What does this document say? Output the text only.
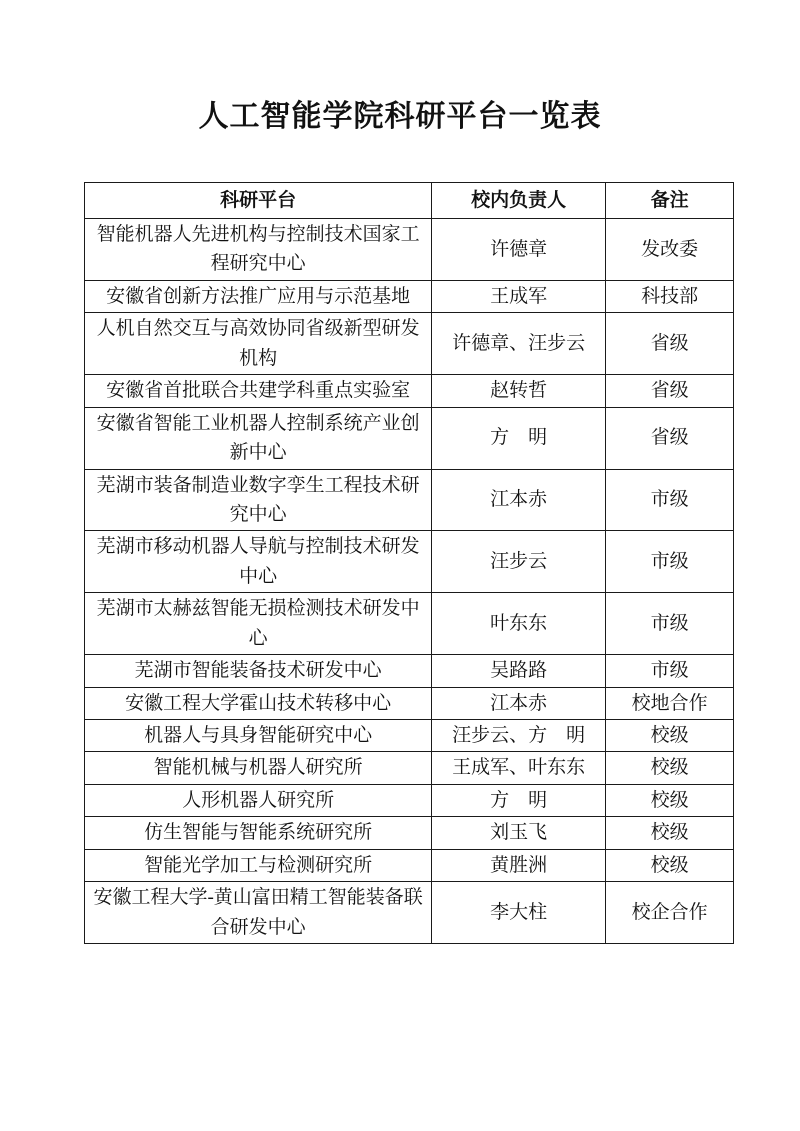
人工智能学院科研平台一览表
科研平台	校内负责人	备注
智能机器人先进机构与控制技术国家工程研究中心	许德章	发改委
安徽省创新方法推广应用与示范基地	王成军	科技部
人机自然交互与高效协同省级新型研发机构	许德章、汪步云	省级
安徽省首批联合共建学科重点实验室	赵转哲	省级
安徽省智能工业机器人控制系统产业创新中心	方　明	省级
芜湖市装备制造业数字孪生工程技术研究中心	江本赤	市级
芜湖市移动机器人导航与控制技术研发中心	汪步云	市级
芜湖市太赫兹智能无损检测技术研发中心	叶东东	市级
芜湖市智能装备技术研发中心	吴路路	市级
安徽工程大学霍山技术转移中心	江本赤	校地合作
机器人与具身智能研究中心	汪步云、方　明	校级
智能机械与机器人研究所	王成军、叶东东	校级
人形机器人研究所	方　明	校级
仿生智能与智能系统研究所	刘玉飞	校级
智能光学加工与检测研究所	黄胜洲	校级
安徽工程大学-黄山富田精工智能装备联合研发中心	李大柱	校企合作
